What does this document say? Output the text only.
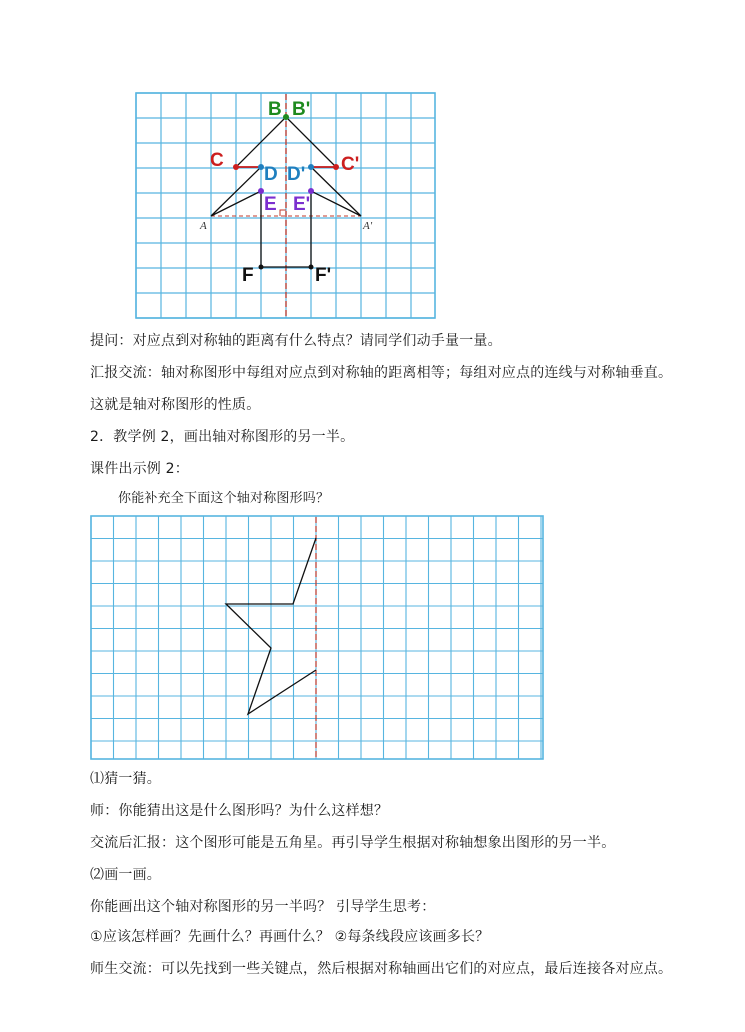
B B'
C	C'
D D'
E E'
A	A'
F	F'
提问：对应点到对称轴的距离有什么特点？请同学们动手量一量。
汇报交流：轴对称图形中每组对应点到对称轴的距离相等；每组对应点的连线与对称轴垂直。
这就是轴对称图形的性质。
2．教学例 2，画出轴对称图形的另一半。
课件出示例 2：
你能补充全下面这个轴对称图形吗？
⑴猜一猜。
师：你能猜出这是什么图形吗？为什么这样想？
交流后汇报：这个图形可能是五角星。再引导学生根据对称轴想象出图形的另一半。
⑵画一画。
你能画出这个轴对称图形的另一半吗？ 引导学生思考：
①应该怎样画？先画什么？再画什么？ ②每条线段应该画多长？
师生交流：可以先找到一些关键点，然后根据对称轴画出它们的对应点，最后连接各对应点。
